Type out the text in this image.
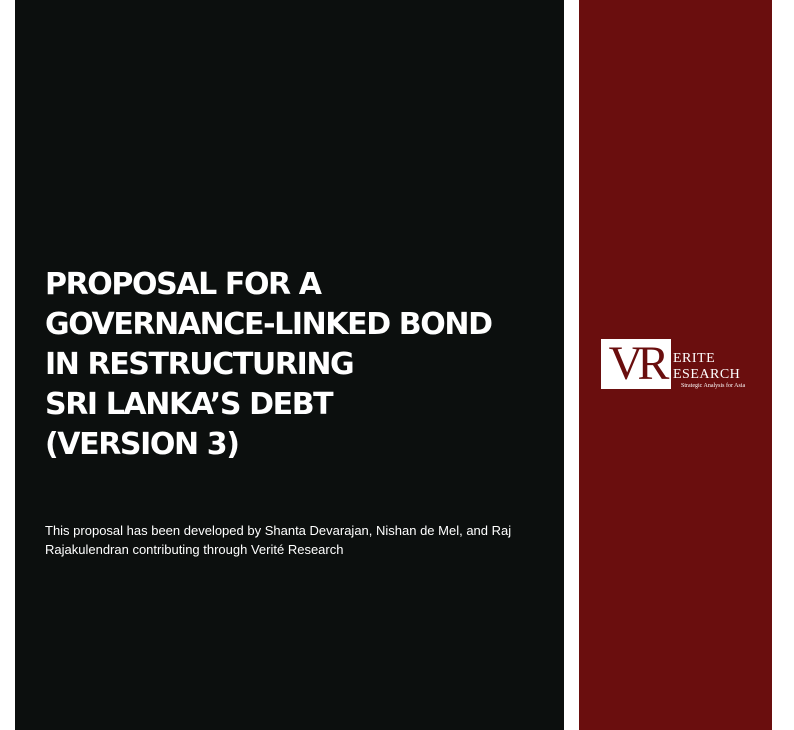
PROPOSAL FOR A
GOVERNANCE-LINKED BOND
IN RESTRUCTURING
SRI LANKA’S DEBT
(VERSION 3)

This proposal has been developed by Shanta Devarajan, Nishan de Mel, and Raj Rajakulendran contributing through Verité Research

VR ERITE
ESEARCH
Strategic Analysis for Asia
